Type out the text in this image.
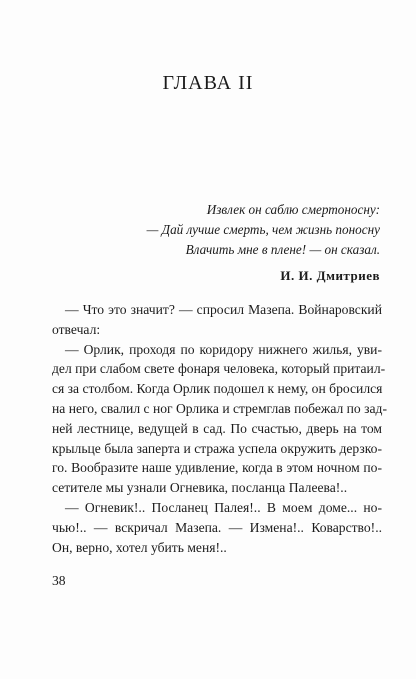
ГЛАВА II
Извлек он саблю смертоносну:
— Дай лучше смерть, чем жизнь поносну
Влачить мне в плене! — он сказал.
И. И. Дмитриев
— Что это значит? — спросил Мазепа. Войнаровский
отвечал:
— Орлик, проходя по коридору нижнего жилья, уви-
дел при слабом свете фонаря человека, который притаил-
ся за столбом. Когда Орлик подошел к нему, он бросился
на него, свалил с ног Орлика и стремглав побежал по зад-
ней лестнице, ведущей в сад. По счастью, дверь на том
крыльце была заперта и стража успела окружить дерзко-
го. Вообразите наше удивление, когда в этом ночном по-
сетителе мы узнали Огневика, посланца Палеева!..
— Огневик!.. Посланец Палея!.. В моем доме... но-
чью!.. — вскричал Мазепа. — Измена!.. Коварство!..
Он, верно, хотел убить меня!..
38
